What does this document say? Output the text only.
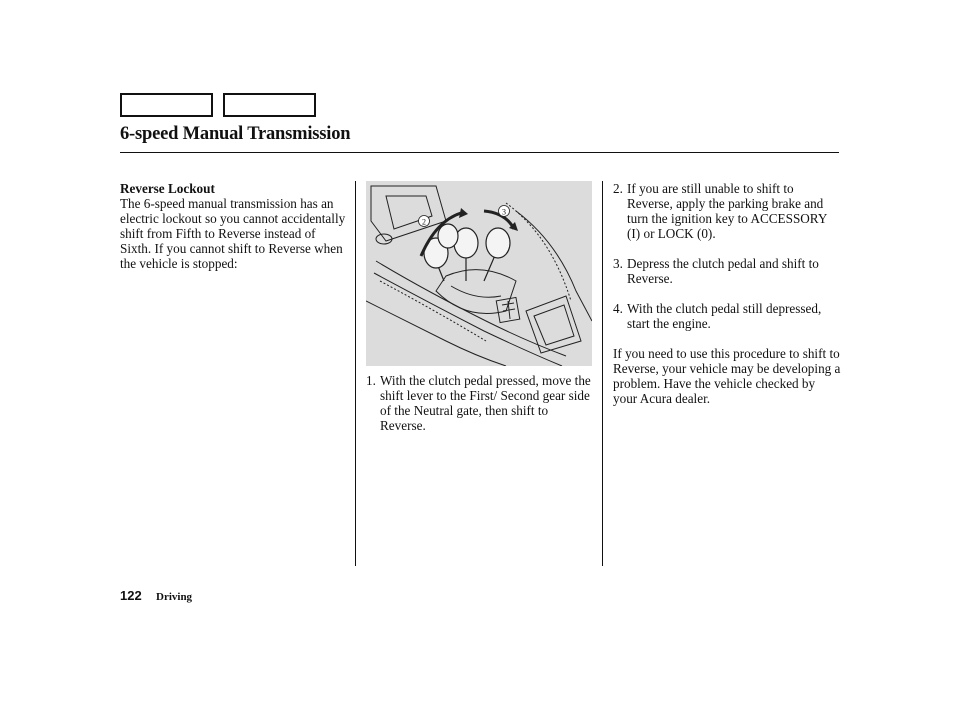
6-speed Manual Transmission
Reverse Lockout

The 6-speed manual transmission has an electric lockout so you cannot accidentally shift from Fifth to Reverse instead of Sixth. If you cannot shift to Reverse when the vehicle is stopped:

2
3
1. With the clutch pedal pressed, move the shift lever to the First/ Second gear side of the Neutral gate, then shift to Reverse.
2. If you are still unable to shift to Reverse, apply the parking brake and turn the ignition key to ACCESSORY (I) or LOCK (0).
3. Depress the clutch pedal and shift to Reverse.
4. With the clutch pedal still depressed, start the engine.

If you need to use this procedure to shift to Reverse, your vehicle may be developing a problem. Have the vehicle checked by your Acura dealer.

122 Driving
